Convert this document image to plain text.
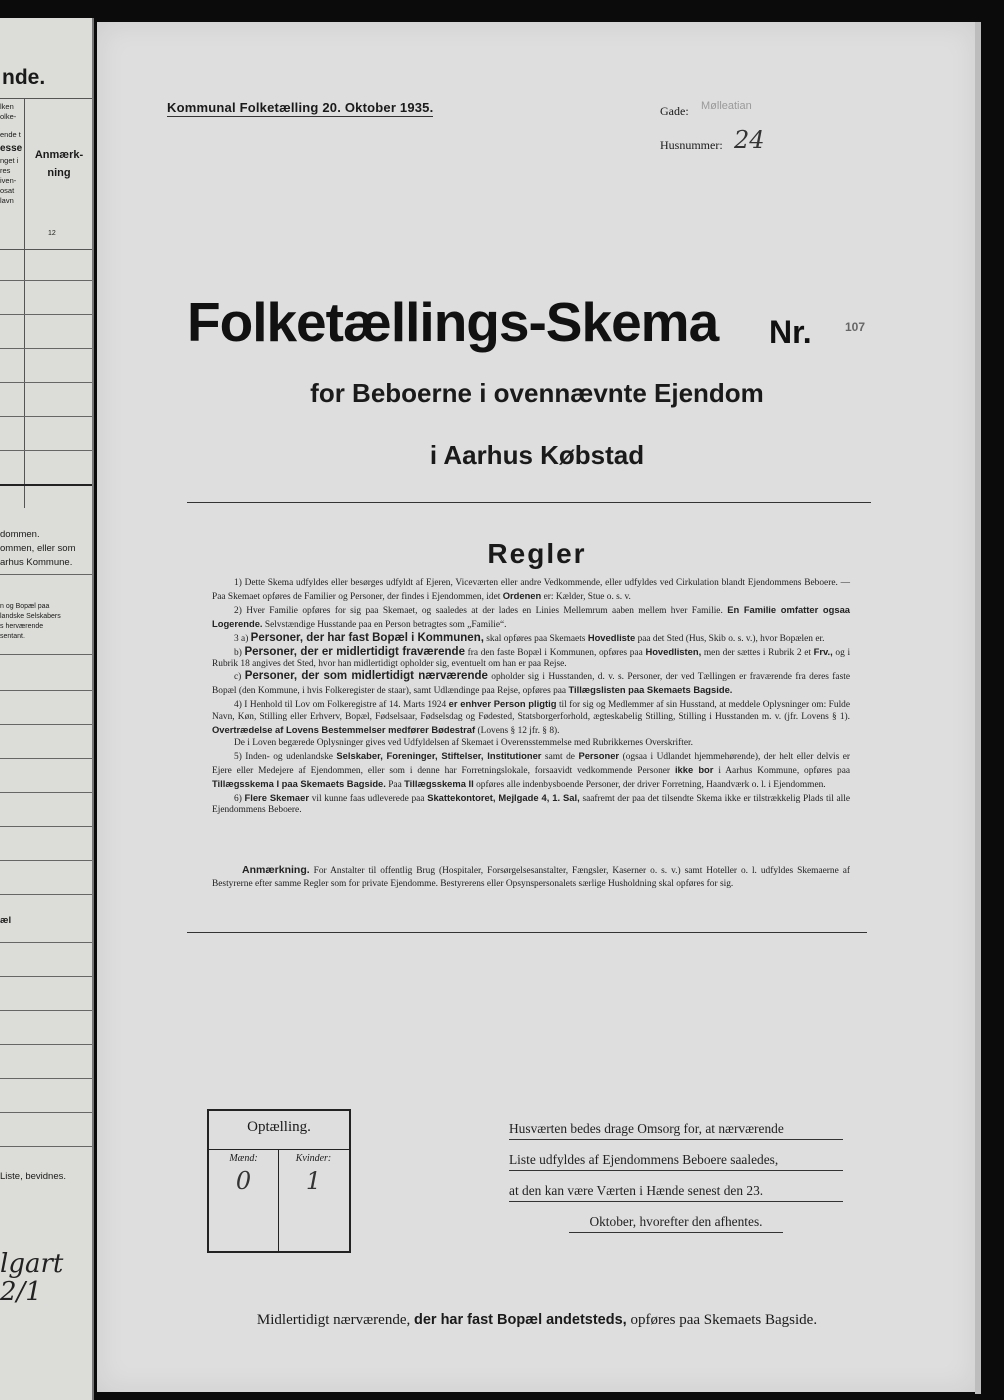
nde.
lken olke-
ende t
esse
nget i res iven- osat lavn
Anmærk- ning
12
dommen.
ommen, eller som
arhus Kommune.
n og Bopæl paa
landske Selskabers
s herværende
sentant.
æl
Liste, bevidnes.
lgart
2/1
Kommunal Folketælling 20. Oktober 1935.	Gade: Mølleatian
Husnummer: 24
Folketællings-Skema Nr.	107
for Beboerne i ovennævnte Ejendom
i Aarhus Købstad
Regler

1) Dette Skema udfyldes eller besørges udfyldt af Ejeren, Viceværten eller andre Vedkommende, eller udfyldes ved Cirkulation blandt Ejendommens Beboere. — Paa Skemaet opføres de Familier og Personer, der findes i Ejendommen, idet Ordenen er: Kælder, Stue o. s. v.

2) Hver Familie opføres for sig paa Skemaet, og saaledes at der lades en Linies Mellemrum aaben mellem hver Familie. En Familie omfatter ogsaa Logerende. Selvstændige Husstande paa en Person betragtes som „Familie“.

3 a) Personer, der har fast Bopæl i Kommunen, skal opføres paa Skemaets Hovedliste paa det Sted (Hus, Skib o. s. v.), hvor Bopælen er.

b) Personer, der er midlertidigt fraværende fra den faste Bopæl i Kommunen, opføres paa Hovedlisten, men der sættes i Rubrik 2 et Frv., og i Rubrik 18 angives det Sted, hvor han midlertidigt opholder sig, eventuelt om han er paa Rejse.

c) Personer, der som midlertidigt nærværende opholder sig i Husstanden, d. v. s. Personer, der ved Tællingen er fraværende fra deres faste Bopæl (den Kommune, i hvis Folkeregister de staar), samt Udlændinge paa Rejse, opføres paa Tillægslisten paa Skemaets Bagside.

4) I Henhold til Lov om Folkeregistre af 14. Marts 1924 er enhver Person pligtig til for sig og Medlemmer af sin Husstand, at meddele Oplysninger om: Fulde Navn, Køn, Stilling eller Erhverv, Bopæl, Fødselsaar, Fødselsdag og Fødested, Statsborgerforhold, ægteskabelig Stilling, Stilling i Husstanden m. v. (jfr. Lovens § 1). Overtrædelse af Lovens Bestemmelser medfører Bødestraf (Lovens § 12 jfr. § 8).

De i Loven begærede Oplysninger gives ved Udfyldelsen af Skemaet i Overensstemmelse med Rubrikkernes Overskrifter.

5) Inden- og udenlandske Selskaber, Foreninger, Stiftelser, Institutioner samt de Personer (ogsaa i Udlandet hjemmehørende), der helt eller delvis er Ejere eller Medejere af Ejendommen, eller som i denne har Forretningslokale, forsaavidt vedkommende Personer ikke bor i Aarhus Kommune, opføres paa Tillægsskema I paa Skemaets Bagside. Paa Tillægsskema II opføres alle indenbysboende Personer, der driver Forretning, Haandværk o. l. i Ejendommen.

6) Flere Skemaer vil kunne faas udleverede paa Skattekontoret, Mejlgade 4, 1. Sal, saafremt der paa det tilsendte Skema ikke er tilstrækkelig Plads til alle Ejendommens Beboere.

Anmærkning. For Anstalter til offentlig Brug (Hospitaler, Forsørgelsesanstalter, Fængsler, Kaserner o. s. v.) samt Hoteller o. l. udfyldes Skemaerne af Bestyrerne efter samme Regler som for private Ejendomme. Bestyrerens eller Opsynspersonalets særlige Husholdning skal opføres for sig.
Optælling.
Mænd:	Kvinder:
0	1
Husværten bedes drage Omsorg for, at nærværende
Liste udfyldes af Ejendommens Beboere saaledes,
at den kan være Værten i Hænde senest den 23.
Oktober, hvorefter den afhentes.
Midlertidigt nærværende, der har fast Bopæl andetsteds, opføres paa Skemaets Bagside.
